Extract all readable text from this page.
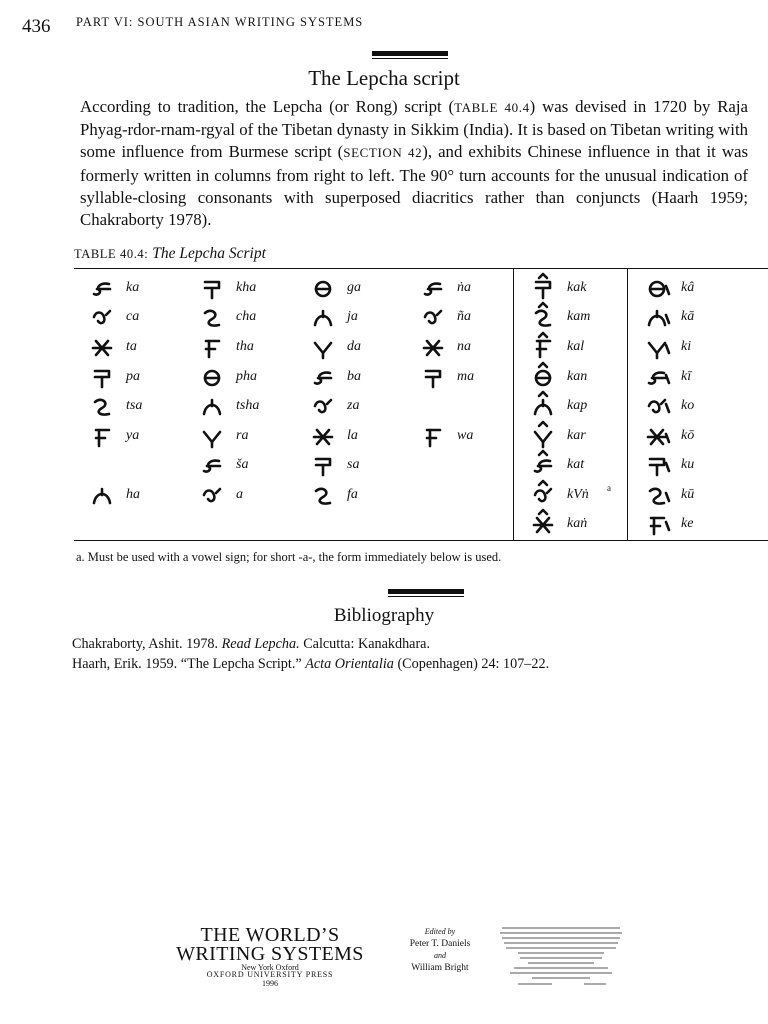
436 PART VI: SOUTH ASIAN WRITING SYSTEMS
The Lepcha script
According to tradition, the Lepcha (or Rong) script (TABLE 40.4) was devised in 1720 by Raja Phyag-rdor-rnam-rgyal of the Tibetan dynasty in Sikkim (India). It is based on Tibetan writing with some influence from Burmese script (SECTION 42), and exhibits Chinese influence in that it was formerly written in columns from right to left. The 90° turn accounts for the unusual indication of syllable-closing consonants with superposed diacritics rather than conjuncts (Haarh 1959; Chakraborty 1978).
TABLE 40.4: The Lepcha Script
ka
ca
ta
pa
tsa
ya
ha
kha
cha
tha
pha
tsha
ra
ša
a
ga
ja
da
ba
za
la
sa
fa
ṅa
ña
na
ma
wa
kak
kam
kal
kan
kap
kar
kat
kVṅ a
kaṅ
kâ
kā
ki
kī
ko
kō
ku
kū
ke
a. Must be used with a vowel sign; for short -a-, the form immediately below is used.
Bibliography
Chakraborty, Ashit. 1978. Read Lepcha. Calcutta: Kanakdhara.
Haarh, Erik. 1959. “The Lepcha Script.” Acta Orientalia (Copenhagen) 24: 107–22.
THE WORLD’S
WRITING SYSTEMS
New York Oxford
OXFORD UNIVERSITY PRESS
1996
Edited by
Peter T. Daniels
and
William Bright
